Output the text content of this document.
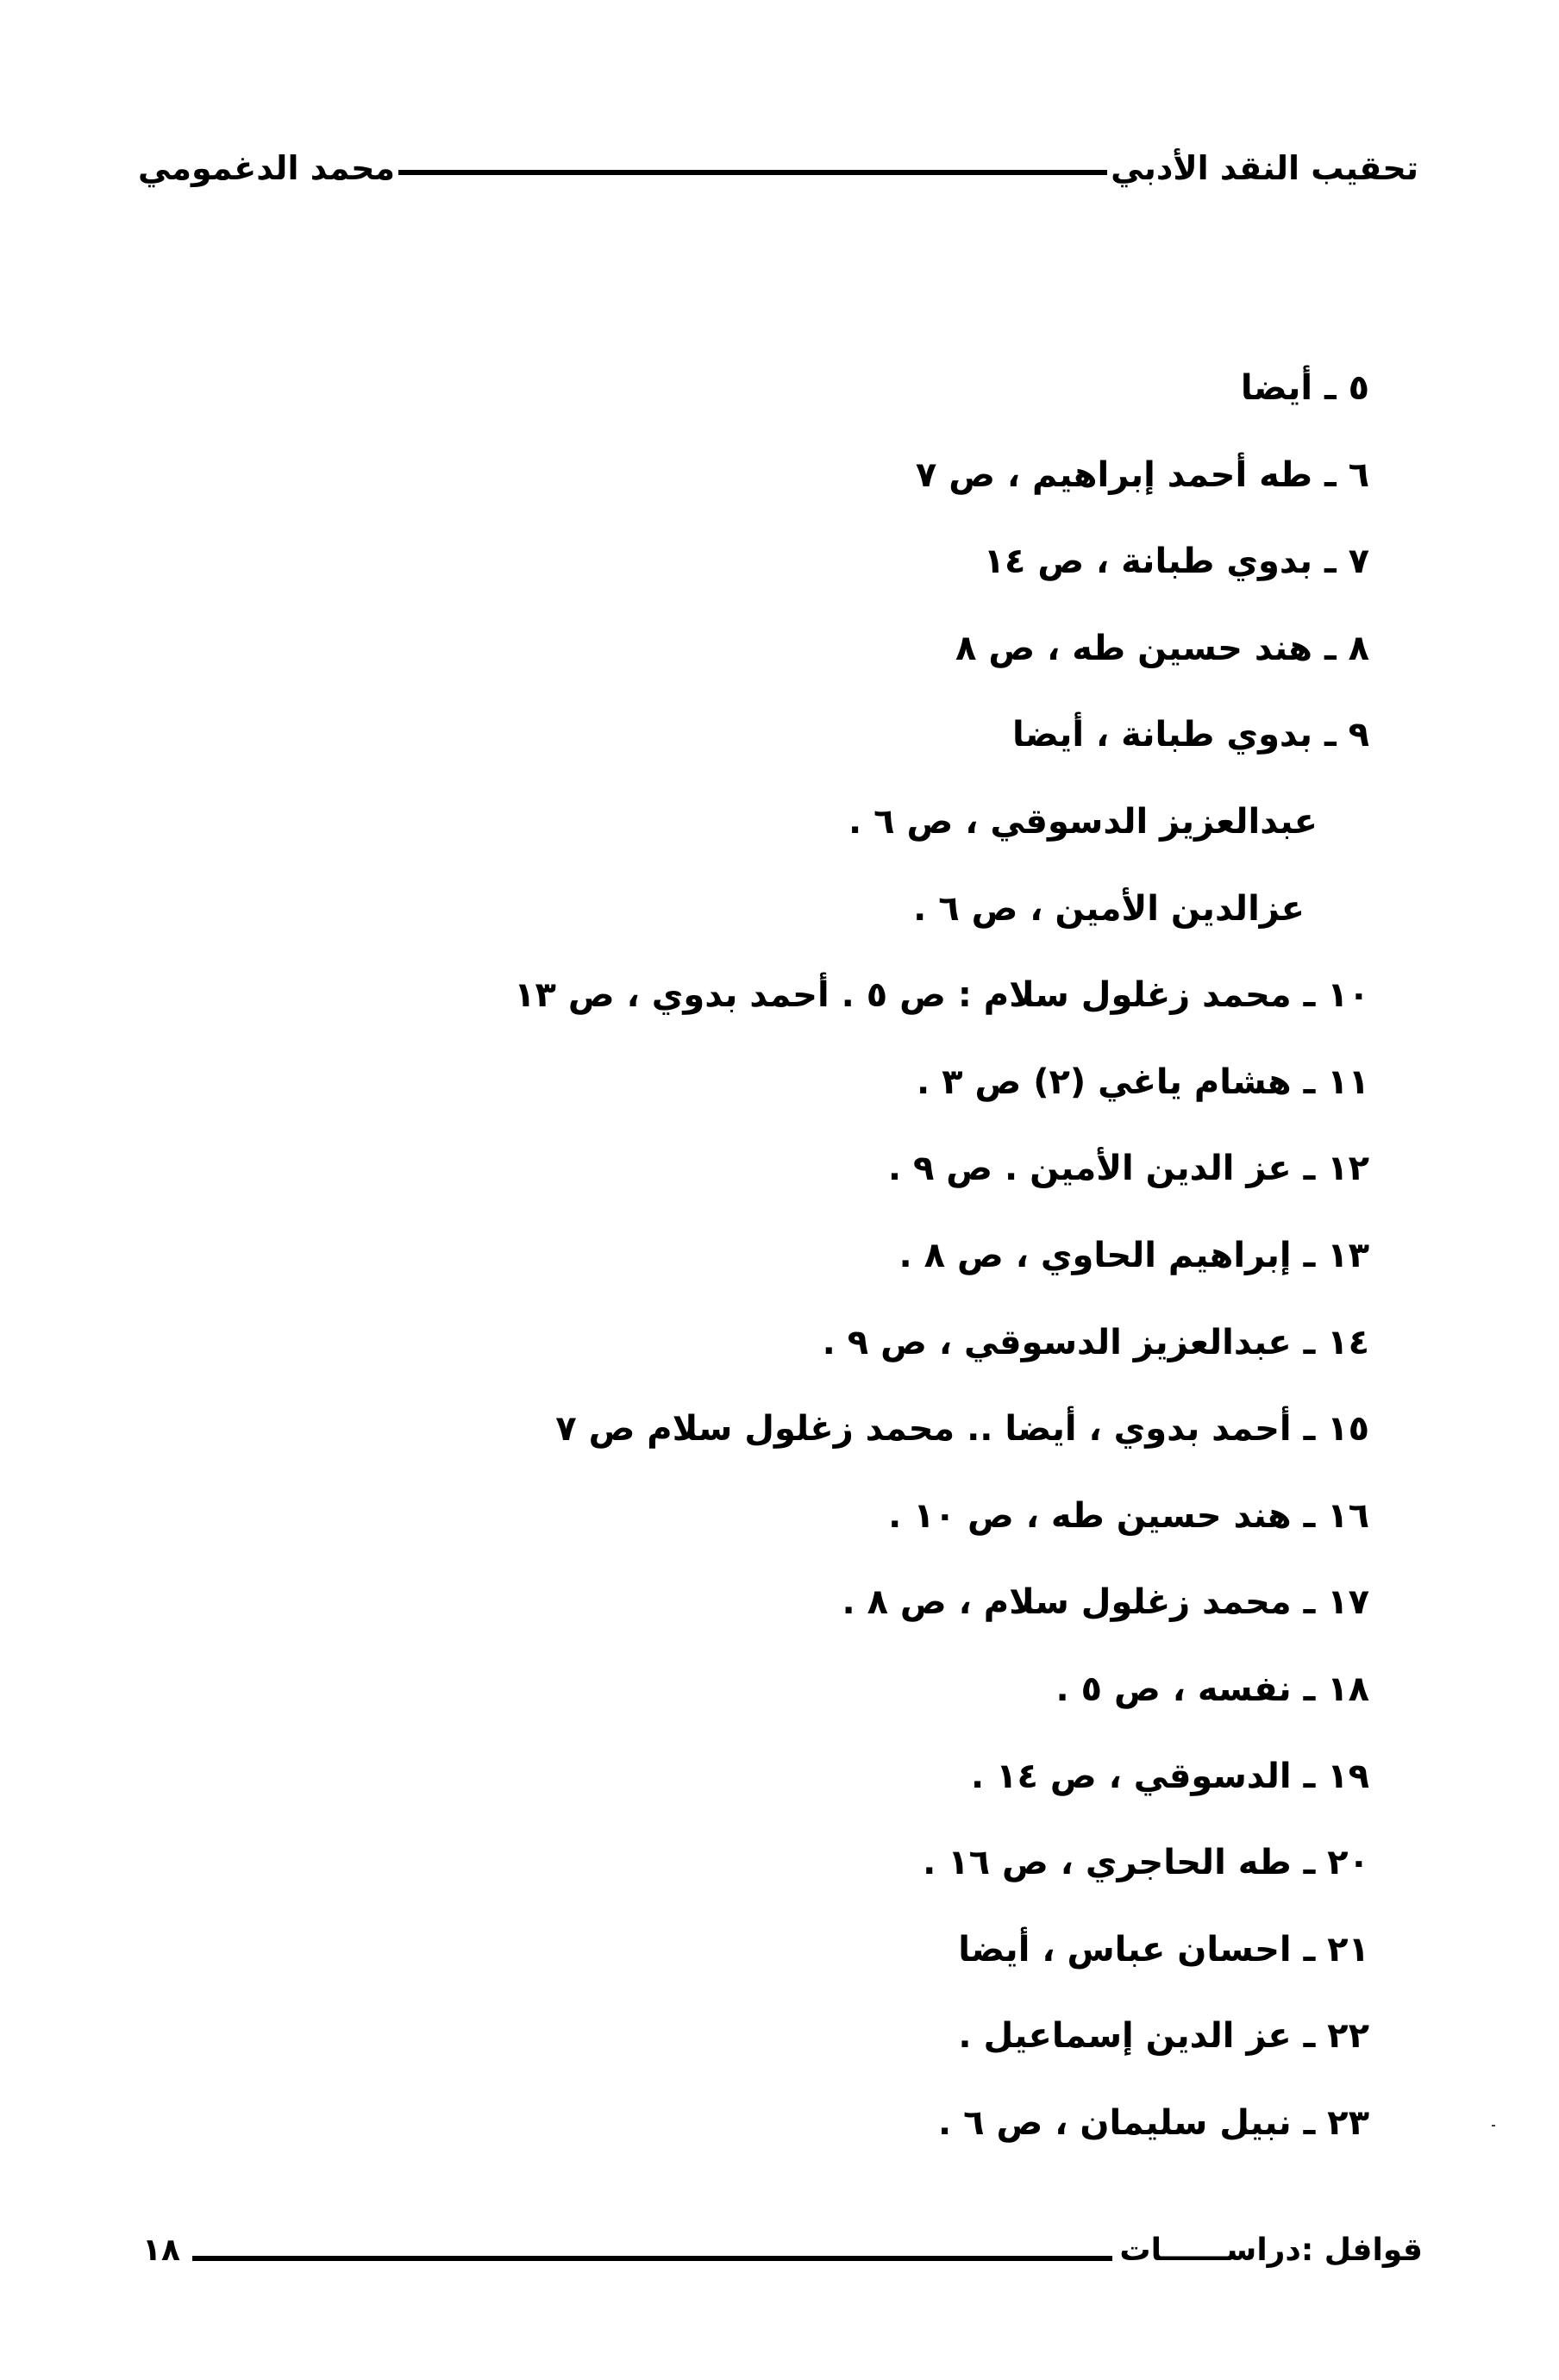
تحقيب النقد الأدبي
محمد الدغمومي
٥ ـ أيضا
٦ ـ طه أحمد إبراهيم ، ص ٧
٧ ـ بدوي طبانة ، ص ١٤
٨ ـ هند حسين طه ، ص ٨
٩ ـ بدوي طبانة ، أيضا
عبدالعزيز الدسوقي ، ص ٦ .
عزالدين الأمين ، ص ٦ .
١٠ ـ محمد زغلول سلام : ص ٥ . أحمد بدوي ، ص ١٣
١١ ـ هشام ياغي (٢) ص ٣ .
١٢ ـ عز الدين الأمين . ص ٩ .
١٣ ـ إبراهيم الحاوي ، ص ٨ .
١٤ ـ عبدالعزيز الدسوقي ، ص ٩ .
١٥ ـ أحمد بدوي ، أيضا .. محمد زغلول سلام ص ٧
١٦ ـ هند حسين طه ، ص ١٠ .
١٧ ـ محمد زغلول سلام ، ص ٨ .
١٨ ـ نفسه ، ص ٥ .
١٩ ـ الدسوقي ، ص ١٤ .
٢٠ ـ طه الحاجري ، ص ١٦ .
٢١ ـ احسان عباس ، أيضا
٢٢ ـ عز الدين إسماعيل .
٢٣ ـ نبيل سليمان ، ص ٦ .
قوافل :دراســــــات
١٨
